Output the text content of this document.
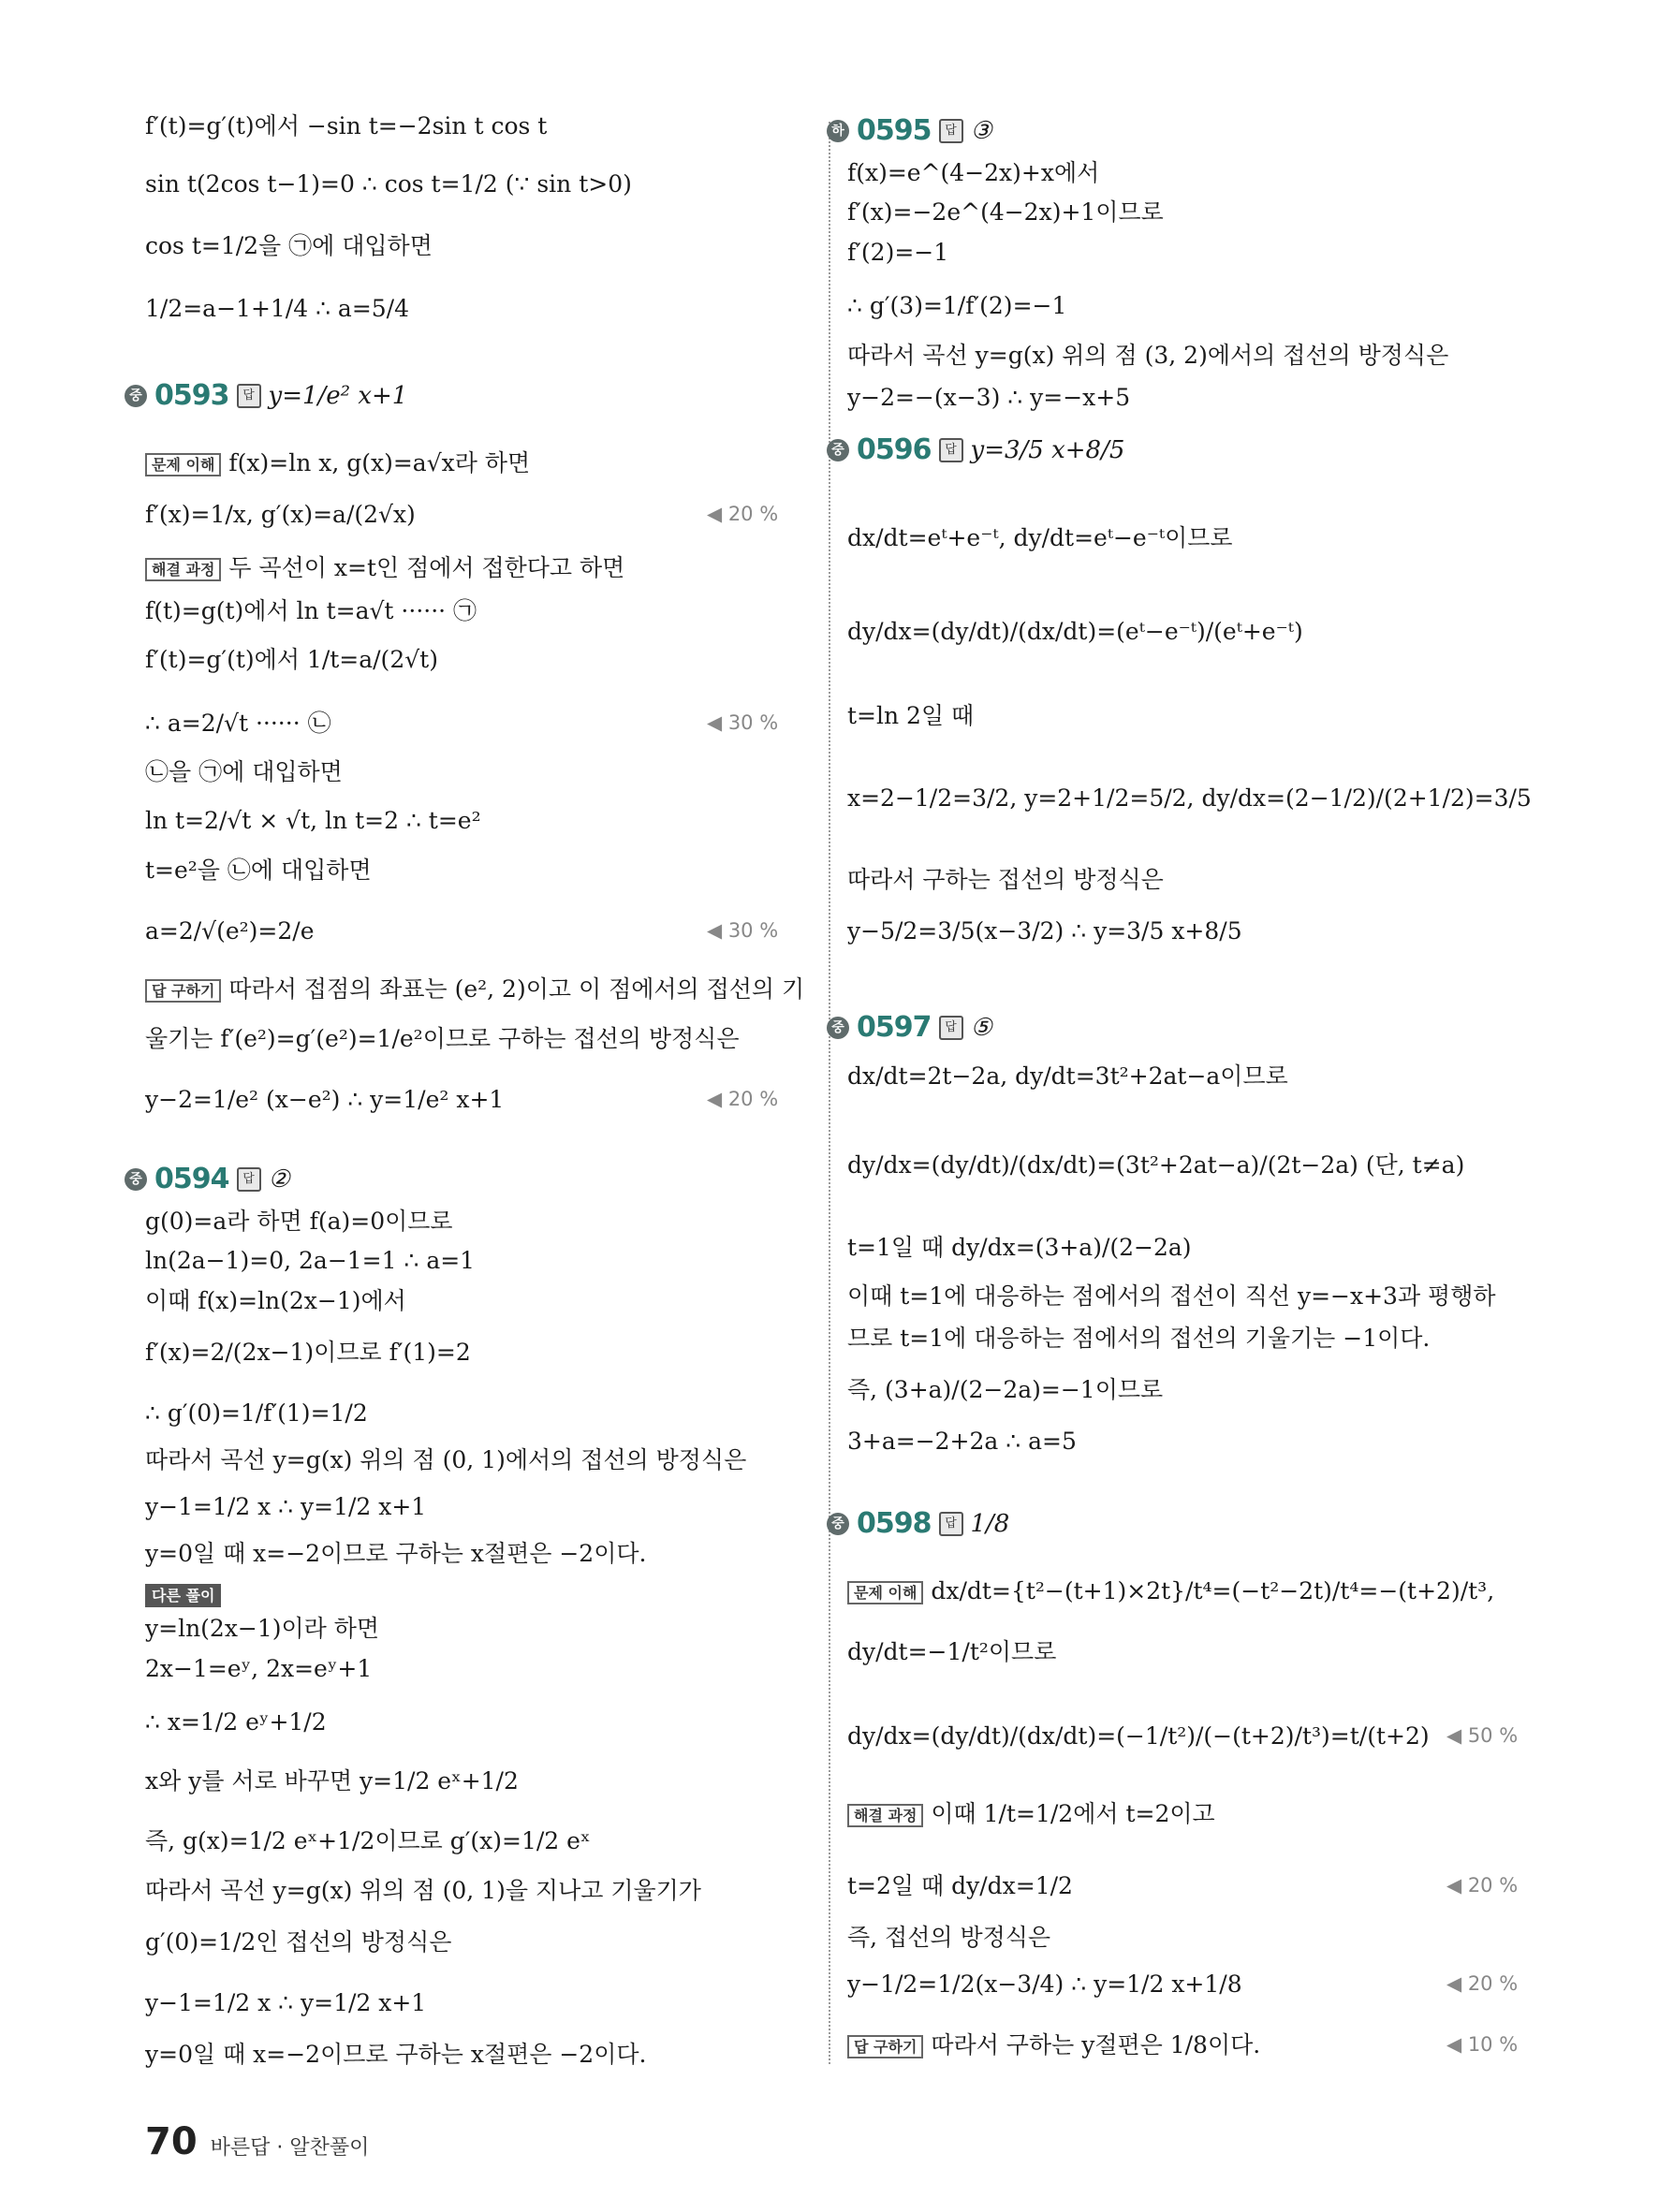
f′(t)=g′(t)에서 −sin t=−2sin t cos t
sin t(2cos t−1)=0 ∴ cos t=1/2 (∵ sin t>0)
cos t=1/2을 ㉠에 대입하면
1/2=a−1+1/4 ∴ a=5/4
중 0593	답 y=1/e² x+1
문제 이해 f(x)=ln x, g(x)=a√x라 하면
f′(x)=1/x, g′(x)=a/(2√x)	◀ 20 %
해결 과정 두 곡선이 x=t인 점에서 접한다고 하면
f(t)=g(t)에서 ln t=a√t ······ ㉠
f′(t)=g′(t)에서 1/t=a/(2√t)
∴ a=2/√t ······ ㉡	◀ 30 %
㉡을 ㉠에 대입하면
ln t=2/√t × √t, ln t=2 ∴ t=e²
t=e²을 ㉡에 대입하면
a=2/√(e²)=2/e	◀ 30 %
답 구하기 따라서 접점의 좌표는 (e², 2)이고 이 점에서의 접선의 기
울기는 f′(e²)=g′(e²)=1/e²이므로 구하는 접선의 방정식은
y−2=1/e² (x−e²) ∴ y=1/e² x+1	◀ 20 %
중 0594	답 ②
g(0)=a라 하면 f(a)=0이므로
ln(2a−1)=0, 2a−1=1 ∴ a=1
이때 f(x)=ln(2x−1)에서
f′(x)=2/(2x−1)이므로 f′(1)=2
∴ g′(0)=1/f′(1)=1/2
따라서 곡선 y=g(x) 위의 점 (0, 1)에서의 접선의 방정식은
y−1=1/2 x ∴ y=1/2 x+1
y=0일 때 x=−2이므로 구하는 x절편은 −2이다.
다른 풀이
y=ln(2x−1)이라 하면
2x−1=eʸ, 2x=eʸ+1
∴ x=1/2 eʸ+1/2
x와 y를 서로 바꾸면 y=1/2 eˣ+1/2
즉, g(x)=1/2 eˣ+1/2이므로 g′(x)=1/2 eˣ
따라서 곡선 y=g(x) 위의 점 (0, 1)을 지나고 기울기가
g′(0)=1/2인 접선의 방정식은
y−1=1/2 x ∴ y=1/2 x+1
y=0일 때 x=−2이므로 구하는 x절편은 −2이다.
하 0595	답 ③
f(x)=e^(4−2x)+x에서
f′(x)=−2e^(4−2x)+1이므로
f′(2)=−1
∴ g′(3)=1/f′(2)=−1
따라서 곡선 y=g(x) 위의 점 (3, 2)에서의 접선의 방정식은
y−2=−(x−3) ∴ y=−x+5
중 0596	답 y=3/5 x+8/5
dx/dt=eᵗ+e⁻ᵗ, dy/dt=eᵗ−e⁻ᵗ이므로
dy/dx=(dy/dt)/(dx/dt)=(eᵗ−e⁻ᵗ)/(eᵗ+e⁻ᵗ)
t=ln 2일 때
x=2−1/2=3/2, y=2+1/2=5/2, dy/dx=(2−1/2)/(2+1/2)=3/5
따라서 구하는 접선의 방정식은
y−5/2=3/5(x−3/2) ∴ y=3/5 x+8/5
중 0597	답 ⑤
dx/dt=2t−2a, dy/dt=3t²+2at−a이므로
dy/dx=(dy/dt)/(dx/dt)=(3t²+2at−a)/(2t−2a) (단, t≠a)
t=1일 때 dy/dx=(3+a)/(2−2a)
이때 t=1에 대응하는 점에서의 접선이 직선 y=−x+3과 평행하
므로 t=1에 대응하는 점에서의 접선의 기울기는 −1이다.
즉, (3+a)/(2−2a)=−1이므로
3+a=−2+2a ∴ a=5
중 0598	답 1/8
문제 이해 dx/dt={t²−(t+1)×2t}/t⁴=(−t²−2t)/t⁴=−(t+2)/t³,
dy/dt=−1/t²이므로
dy/dx=(dy/dt)/(dx/dt)=(−1/t²)/(−(t+2)/t³)=t/(t+2) ◀ 50 %
해결 과정 이때 1/t=1/2에서 t=2이고
t=2일 때 dy/dx=1/2	◀ 20 %
즉, 접선의 방정식은
y−1/2=1/2(x−3/4) ∴ y=1/2 x+1/8	◀ 20 %
답 구하기 따라서 구하는 y절편은 1/8이다.	◀ 10 %
70 바른답 · 알찬풀이
